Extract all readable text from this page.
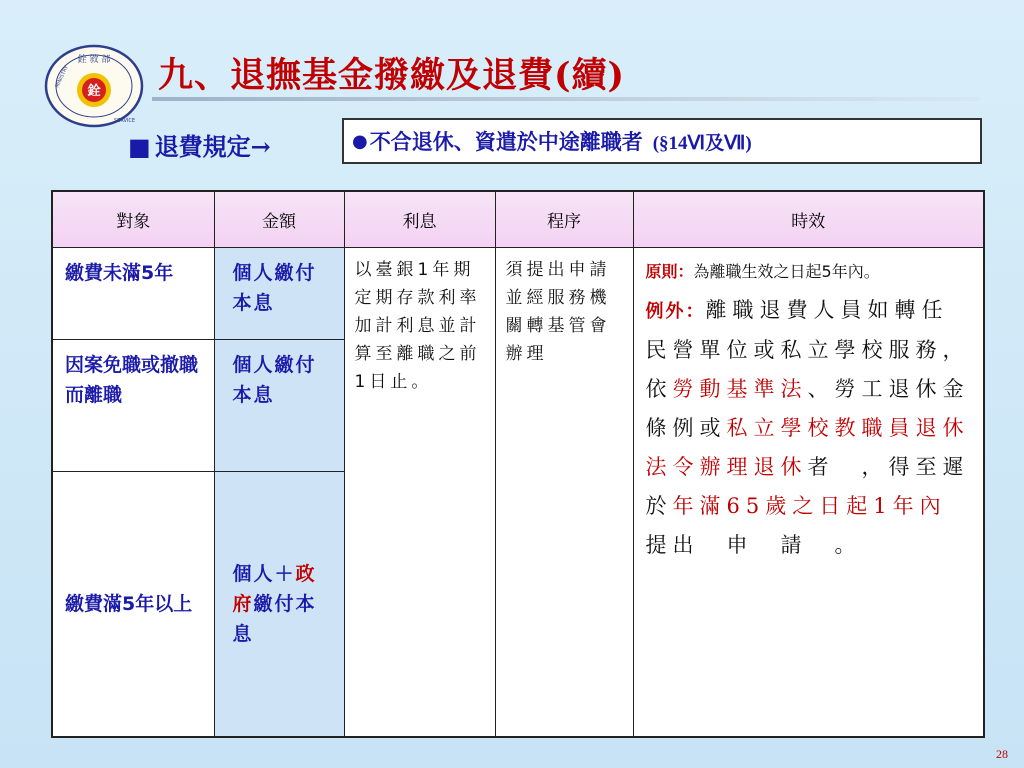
銓 敘 部
MINISTRY
SERVICE
銓 九、退撫基金撥繳及退費(續)
■ 退費規定→	● 不合退休、資遣於中途離職者 (§14Ⅵ及Ⅶ)
對象	金額	利息	程序	時效

繳費未滿5年	個人繳付本息	以臺銀1年期定期存款利率加計利息並計算至離職之前1日止。	須提出申請並經服務機關轉基管會辦理	原則：為離職生效之日起5年內。

例外：離職退費人員如轉任民營單位或私立學校服務，依勞動基準法、勞工退休金條例或私立學校教職員退休法令辦理退休者　，得至遲於年滿65歲之日起1年內提出　申　請　。

因案免職或撤職而離職	個人繳付本息			

繳費滿5年以上	個人＋政府繳付本息			
28
